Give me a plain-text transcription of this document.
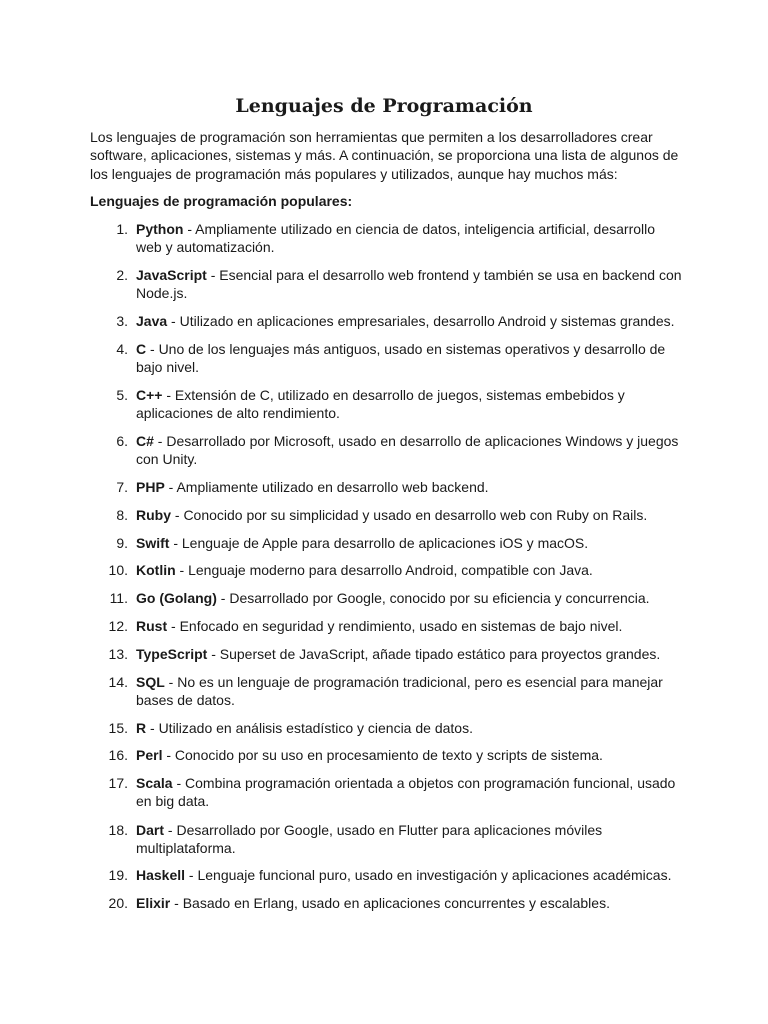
Lenguajes de Programación

Los lenguajes de programación son herramientas que permiten a los desarrolladores crear software, aplicaciones, sistemas y más. A continuación, se proporciona una lista de algunos de los lenguajes de programación más populares y utilizados, aunque hay muchos más:

Lenguajes de programación populares:

1. Python - Ampliamente utilizado en ciencia de datos, inteligencia artificial, desarrollo web y automatización.
2. JavaScript - Esencial para el desarrollo web frontend y también se usa en backend con Node.js.
3. Java - Utilizado en aplicaciones empresariales, desarrollo Android y sistemas grandes.
4. C - Uno de los lenguajes más antiguos, usado en sistemas operativos y desarrollo de bajo nivel.
5. C++ - Extensión de C, utilizado en desarrollo de juegos, sistemas embebidos y aplicaciones de alto rendimiento.
6. C# - Desarrollado por Microsoft, usado en desarrollo de aplicaciones Windows y juegos con Unity.
7. PHP - Ampliamente utilizado en desarrollo web backend.
8. Ruby - Conocido por su simplicidad y usado en desarrollo web con Ruby on Rails.
9. Swift - Lenguaje de Apple para desarrollo de aplicaciones iOS y macOS.
10. Kotlin - Lenguaje moderno para desarrollo Android, compatible con Java.
11. Go (Golang) - Desarrollado por Google, conocido por su eficiencia y concurrencia.
12. Rust - Enfocado en seguridad y rendimiento, usado en sistemas de bajo nivel.
13. TypeScript - Superset de JavaScript, añade tipado estático para proyectos grandes.
14. SQL - No es un lenguaje de programación tradicional, pero es esencial para manejar bases de datos.
15. R - Utilizado en análisis estadístico y ciencia de datos.
16. Perl - Conocido por su uso en procesamiento de texto y scripts de sistema.
17. Scala - Combina programación orientada a objetos con programación funcional, usado en big data.
18. Dart - Desarrollado por Google, usado en Flutter para aplicaciones móviles multiplataforma.
19. Haskell - Lenguaje funcional puro, usado en investigación y aplicaciones académicas.
20. Elixir - Basado en Erlang, usado en aplicaciones concurrentes y escalables.
